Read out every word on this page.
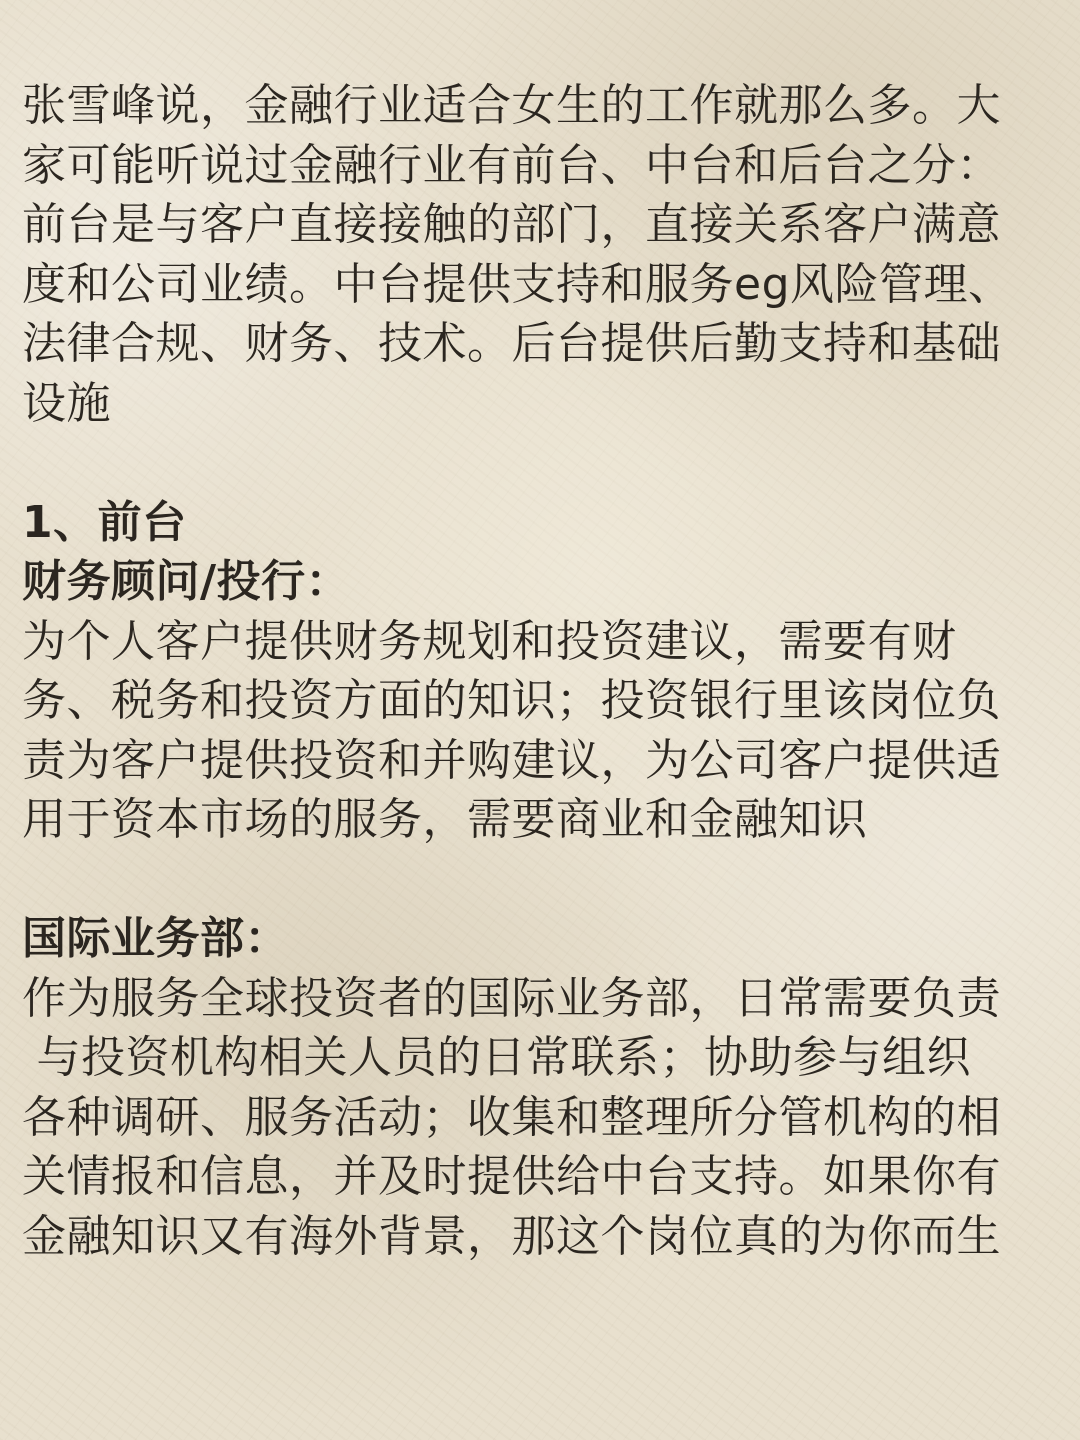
张雪峰说，金融行业适合女生的工作就那么多。大
家可能听说过金融行业有前台、中台和后台之分：
前台是与客户直接接触的部门，直接关系客户满意
度和公司业绩。中台提供支持和服务eg风险管理、
法律合规、财务、技术。后台提供后勤支持和基础
设施

1、前台
财务顾问/投行：
为个人客户提供财务规划和投资建议，需要有财
务、税务和投资方面的知识；投资银行里该岗位负
责为客户提供投资和并购建议，为公司客户提供适
用于资本市场的服务，需要商业和金融知识

国际业务部：
作为服务全球投资者的国际业务部，日常需要负责
与投资机构相关人员的日常联系；协助参与组织
各种调研、服务活动；收集和整理所分管机构的相
关情报和信息，并及时提供给中台支持。如果你有
金融知识又有海外背景，那这个岗位真的为你而生
